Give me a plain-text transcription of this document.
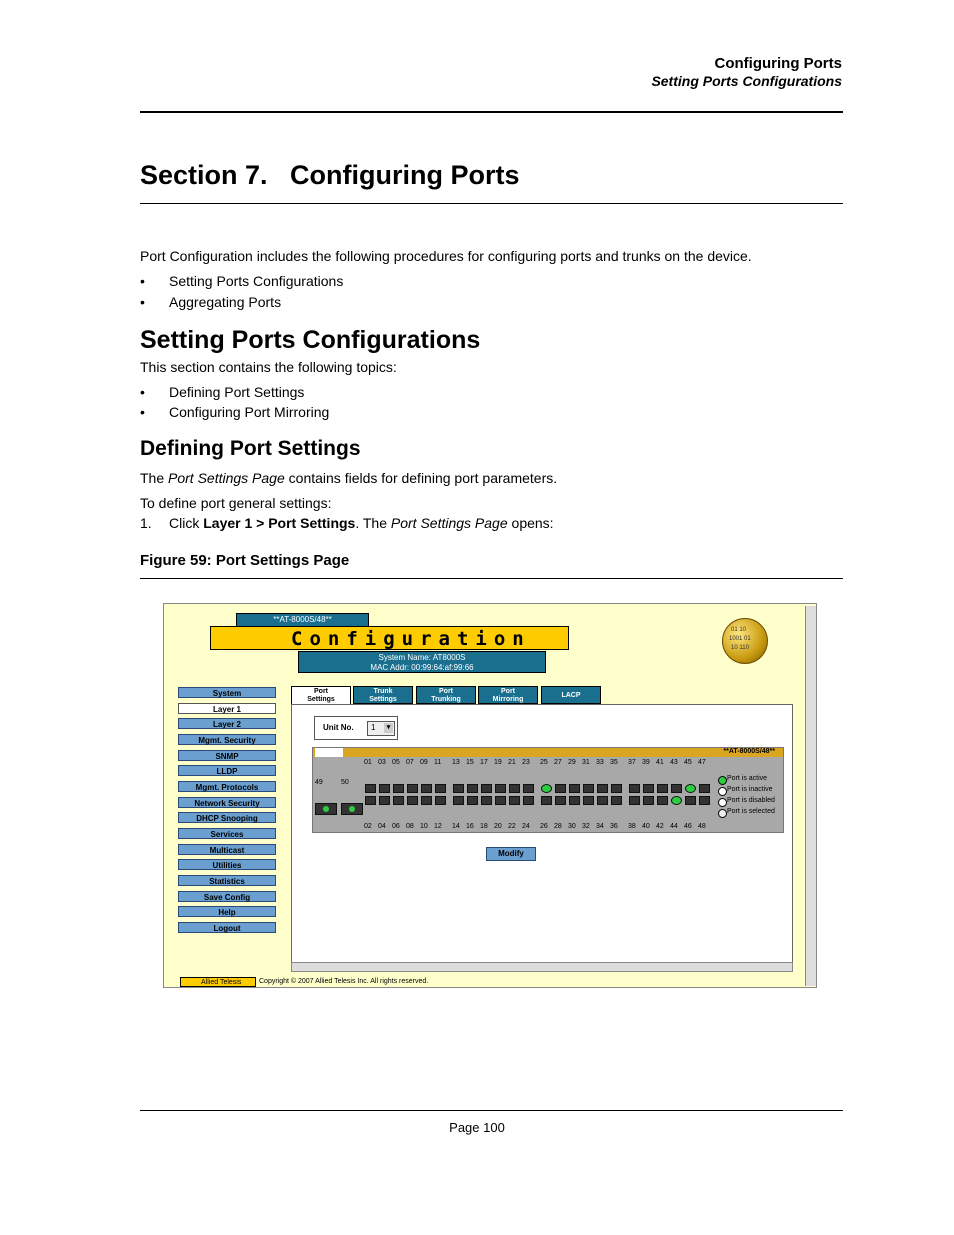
Configuring Ports
Setting Ports Configurations
Section 7. Configuring Ports
Port Configuration includes the following procedures for configuring ports and trunks on the device.
• Setting Ports Configurations
• Aggregating Ports
Setting Ports Configurations
This section contains the following topics:
• Defining Port Settings
• Configuring Port Mirroring
Defining Port Settings
The Port Settings Page contains fields for defining port parameters.
To define port general settings:
1. Click Layer 1 > Port Settings. The Port Settings Page opens:
Figure 59: Port Settings Page
**AT-8000S/48**
Configuration
System Name: AT8000S
MAC Addr: 00:99:64:af:99:66
01 10
1001 01
10 110
System
Layer 1
Layer 2
Mgmt. Security
SNMP
LLDP
Mgmt. Protocols
Network Security
DHCP Snooping
Services
Multicast
Utilities
Statistics
Save Config
Help
Logout
Port
Settings
Trunk
Settings
Port
Trunking
Port
Mirroring
LACP
Unit No. 1	▾
**AT-8000S/48**
01
02
03
04
05
06
07
08
09
10
11
12
13
14
15
16
17
18
19
20
21
22
23
24
25
26
27
28
29
30
31
32
33
34
35
36
37
38
39
40
41
42
43
44
45
46
47
48
49	50
Port is active
Port is inactive
Port is disabled
Port is selected
Modify
Allied Telesis	Copyright © 2007 Allied Telesis Inc. All rights reserved.
Page 100
